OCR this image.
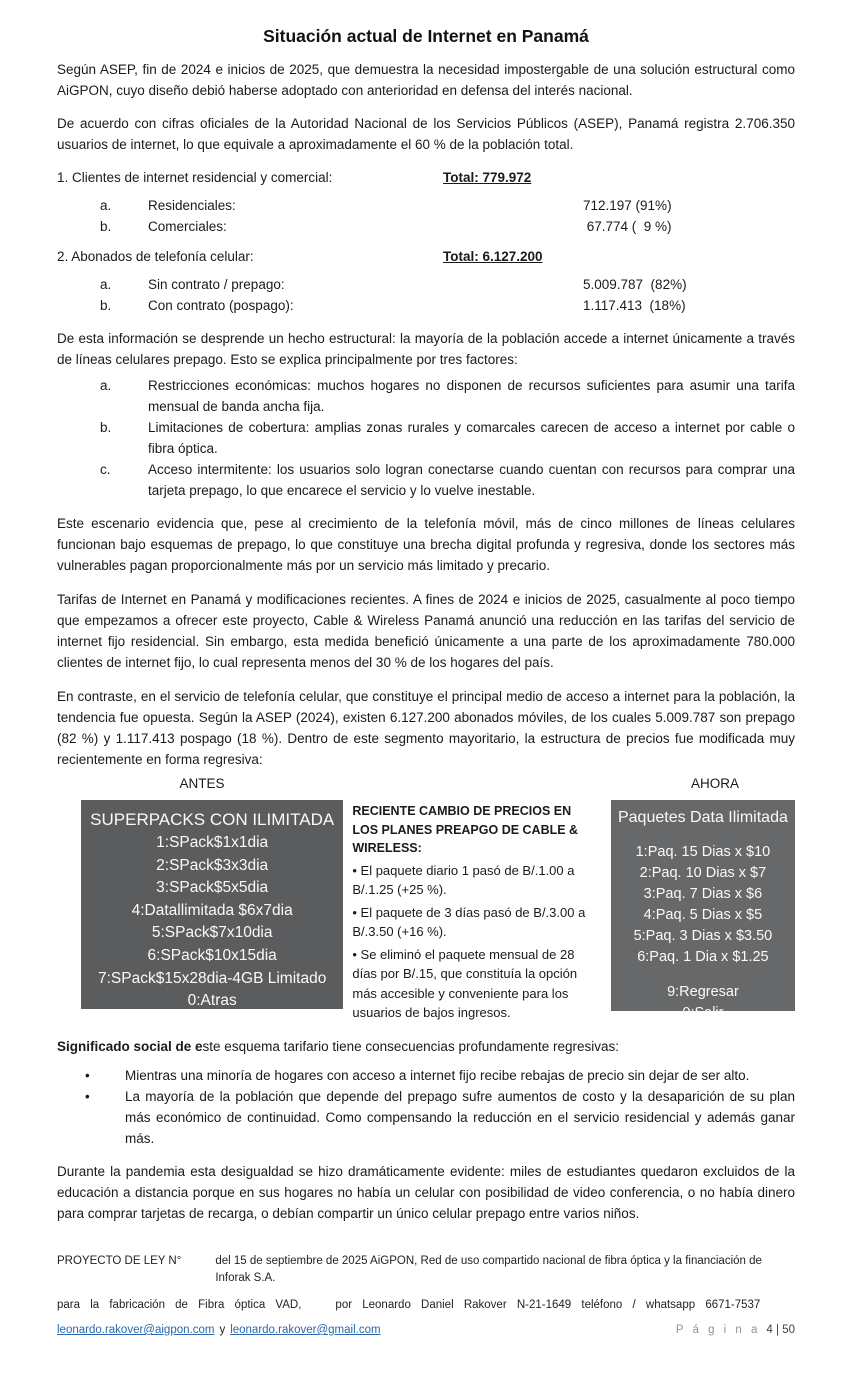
Situación actual de Internet en Panamá

Según ASEP, fin de 2024 e inicios de 2025, que demuestra la necesidad impostergable de una solución estructural como AiGPON, cuyo diseño debió haberse adoptado con anterioridad en defensa del interés nacional.

De acuerdo con cifras oficiales de la Autoridad Nacional de los Servicios Públicos (ASEP), Panamá registra 2.706.350 usuarios de internet, lo que equivale a aproximadamente el 60 % de la población total.

1. Clientes de internet residencial y comercial:	Total: 779.972
a.	Residenciales:	712.197 (91%)
b.	Comerciales:	67.774 (  9 %)
2. Abonados de telefonía celular:	Total: 6.127.200
a.	Sin contrato / prepago:	5.009.787  (82%)
b.	Con contrato (pospago):	1.117.413  (18%)

De esta información se desprende un hecho estructural: la mayoría de la población accede a internet únicamente a través de líneas celulares prepago. Esto se explica principalmente por tres factores:

a.	Restricciones económicas: muchos hogares no disponen de recursos suficientes para asumir una tarifa mensual de banda ancha fija.
b.	Limitaciones de cobertura: amplias zonas rurales y comarcales carecen de acceso a internet por cable o fibra óptica.
c.	Acceso intermitente: los usuarios solo logran conectarse cuando cuentan con recursos para comprar una tarjeta prepago, lo que encarece el servicio y lo vuelve inestable.

Este escenario evidencia que, pese al crecimiento de la telefonía móvil, más de cinco millones de líneas celulares funcionan bajo esquemas de prepago, lo que constituye una brecha digital profunda y regresiva, donde los sectores más vulnerables pagan proporcionalmente más por un servicio más limitado y precario.

Tarifas de Internet en Panamá y modificaciones recientes. A fines de 2024 e inicios de 2025, casualmente al poco tiempo que empezamos a ofrecer este proyecto, Cable & Wireless Panamá anunció una reducción en las tarifas del servicio de internet fijo residencial. Sin embargo, esta medida benefició únicamente a una parte de los aproximadamente 780.000 clientes de internet fijo, lo cual representa menos del 30 % de los hogares del país.

En contraste, en el servicio de telefonía celular, que constituye el principal medio de acceso a internet para la población, la tendencia fue opuesta. Según la ASEP (2024), existen 6.127.200 abonados móviles, de los cuales 5.009.787 son prepago (82 %) y 1.117.413 pospago (18 %). Dentro de este segmento mayoritario, la estructura de precios fue modificada muy recientemente en forma regresiva:

ANTES	AHORA
SUPERPACKS CON ILIMITADA
1:SPack$1x1dia
2:SPack$3x3dia
3:SPack$5x5dia
4:Datallimitada $6x7dia
5:SPack$7x10dia
6:SPack$10x15dia
7:SPack$15x28dia-4GB Limitado
0:Atras
RECIENTE CAMBIO DE PRECIOS EN LOS PLANES PREAPGO DE CABLE & WIRELESS:

• El paquete diario 1 pasó de B/.1.00 a B/.1.25 (+25 %).

• El paquete de 3 días pasó de B/.3.00 a B/.3.50 (+16 %).

• Se eliminó el paquete mensual de 28 días por B/.15, que constituía la opción más accesible y conveniente para los usuarios de bajos ingresos.

Paquetes Data Ilimitada
1:Paq. 15 Dias x $10
2:Paq. 10 Dias x $7
3:Paq. 7 Dias x $6
4:Paq. 5 Dias x $5
5:Paq. 3 Dias x $3.50
6:Paq. 1 Dia x $1.25
9:Regresar
0:Salir
Significado social de este esquema tarifario tiene consecuencias profundamente regresivas:
•	Mientras una minoría de hogares con acceso a internet fijo recibe rebajas de precio sin dejar de ser alto.
•	La mayoría de la población que depende del prepago sufre aumentos de costo y la desaparición de su plan más económico de continuidad. Como compensando la reducción en el servicio residencial y además ganar más.

Durante la pandemia esta desigualdad se hizo dramáticamente evidente: miles de estudiantes quedaron excluidos de la educación a distancia porque en sus hogares no había un celular con posibilidad de video conferencia, o no había dinero para comprar tarjetas de recarga, o debían compartir un único celular prepago entre varios niños.

PROYECTO DE LEY N°	del 15 de septiembre de 2025 AiGPON, Red de uso compartido nacional de fibra óptica y la financiación de Inforak S.A.
para la fabricación de Fibra óptica VAD,	por Leonardo Daniel Rakover N-21-1649 teléfono / whatsapp 6671-7537
leonardo.rakover@aigpon.com y leonardo.rakover@gmail.com	P á g i n a 4 | 50
